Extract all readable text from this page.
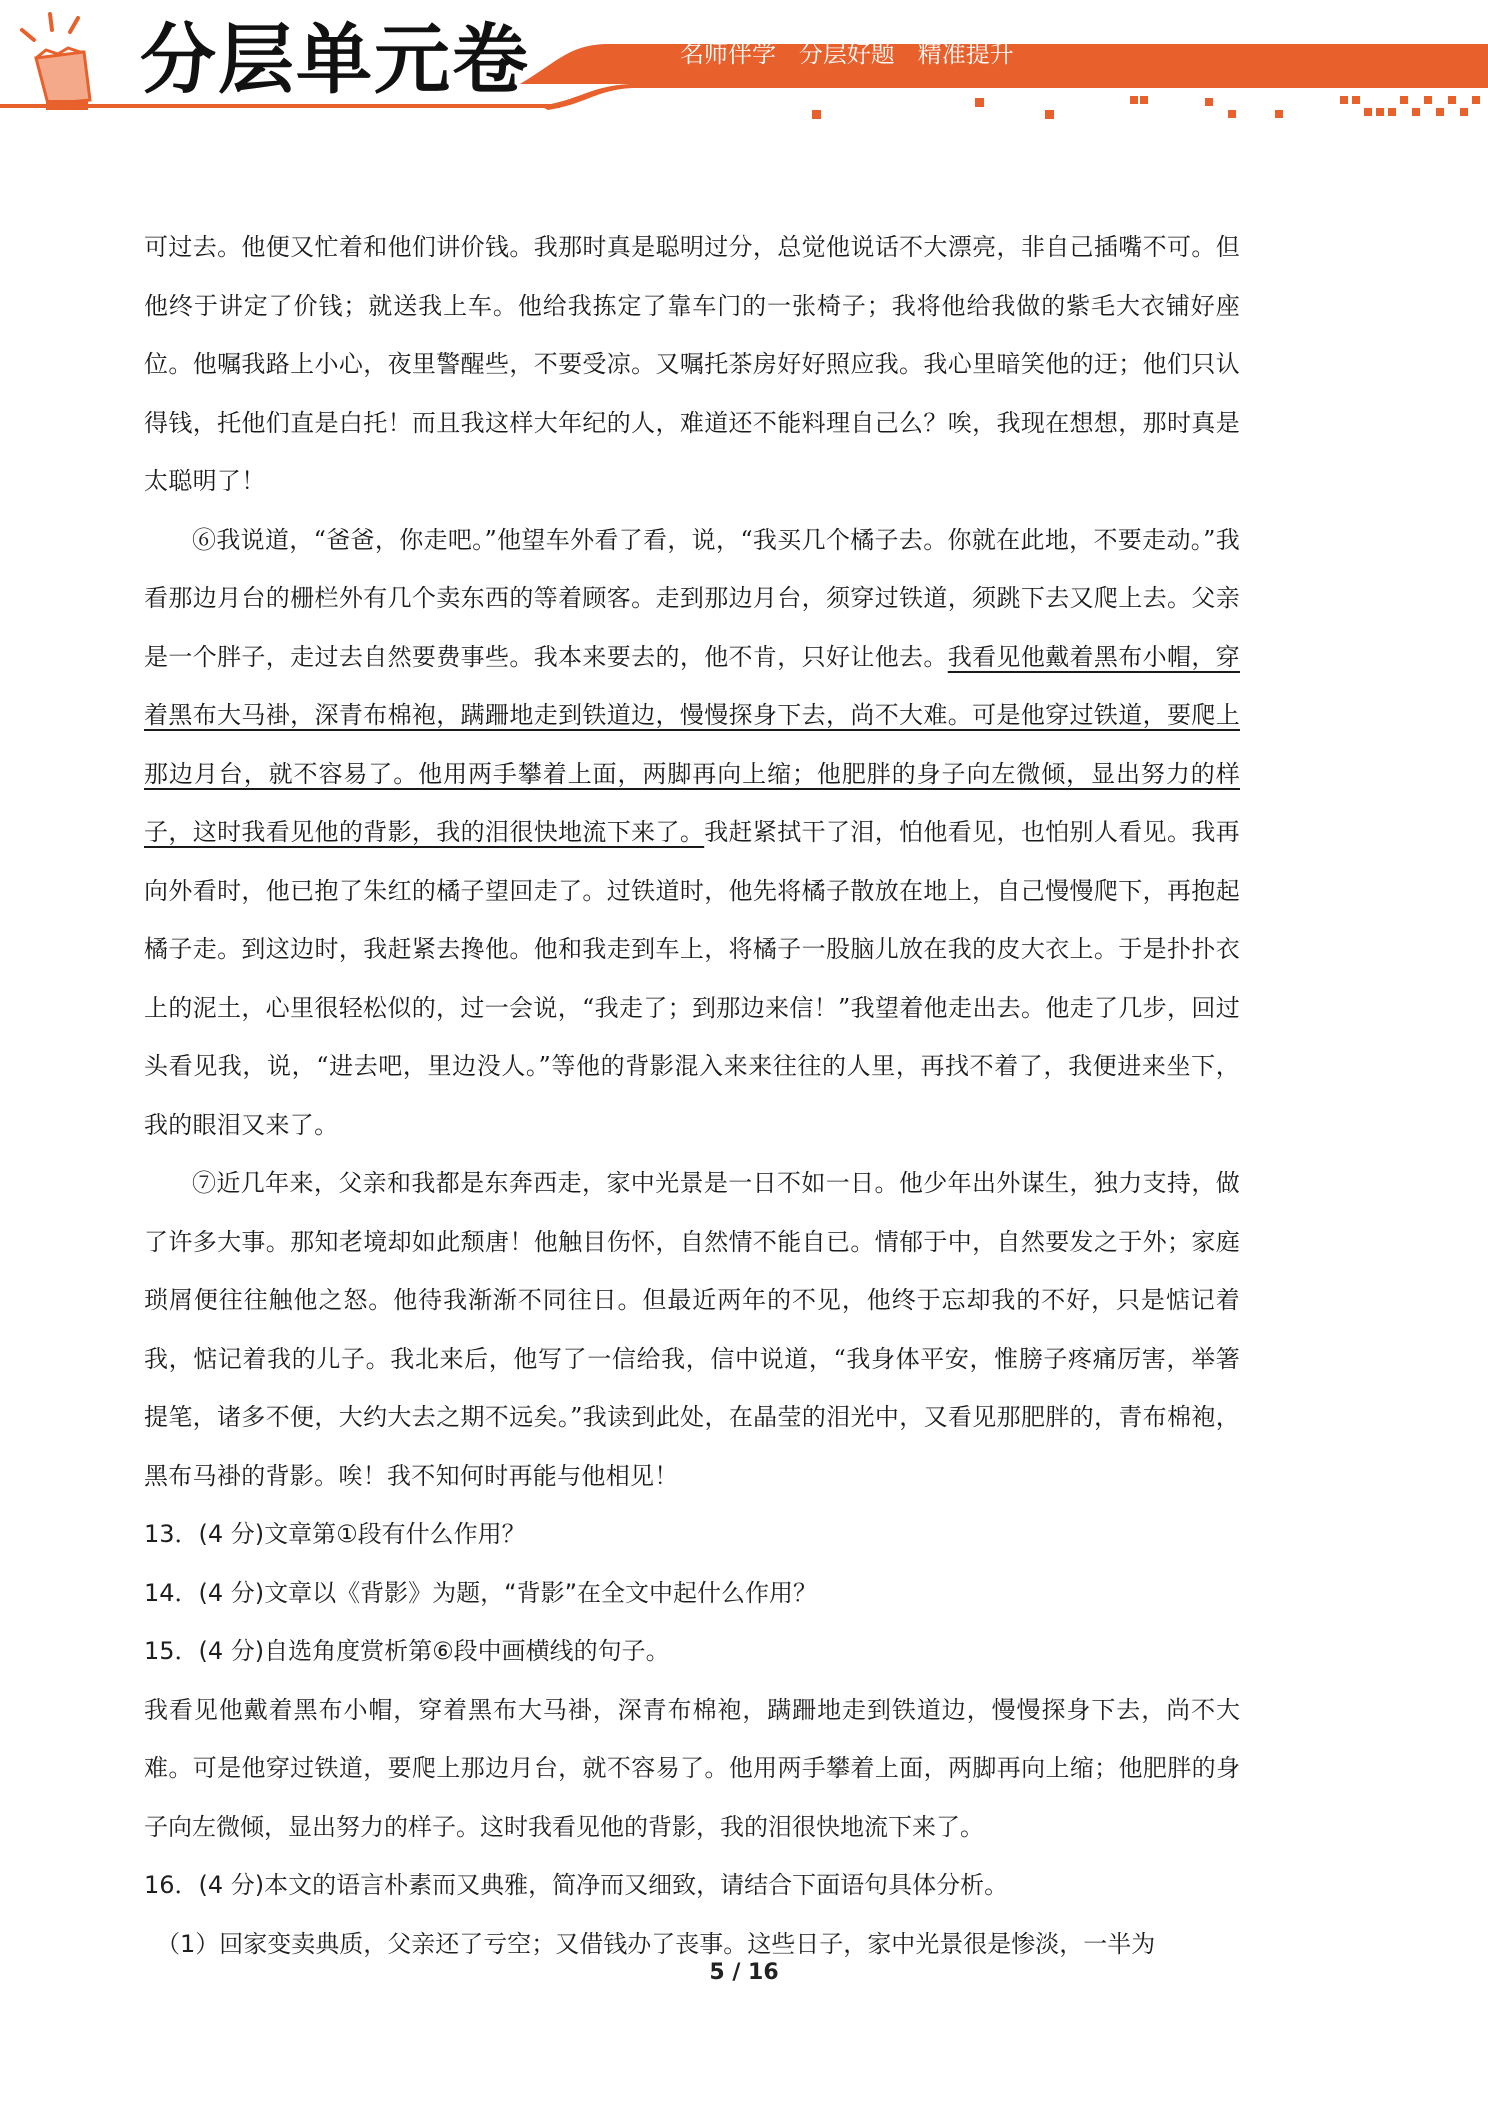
分层单元卷	名师伴学   分层好题   精准提升

可过去。他便又忙着和他们讲价钱。我那时真是聪明过分，总觉他说话不大漂亮，非自己插嘴不可。但他终于讲定了价钱；就送我上车。他给我拣定了靠车门的一张椅子；我将他给我做的紫毛大衣铺好座位。他嘱我路上小心，夜里警醒些，不要受凉。又嘱托茶房好好照应我。我心里暗笑他的迂；他们只认得钱，托他们直是白托！而且我这样大年纪的人，难道还不能料理自己么？唉，我现在想想，那时真是太聪明了！

⑥我说道，“爸爸，你走吧。”他望车外看了看，说，“我买几个橘子去。你就在此地，不要走动。”我看那边月台的栅栏外有几个卖东西的等着顾客。走到那边月台，须穿过铁道，须跳下去又爬上去。父亲是一个胖子，走过去自然要费事些。我本来要去的，他不肯，只好让他去。我看见他戴着黑布小帽，穿着黑布大马褂，深青布棉袍，蹒跚地走到铁道边，慢慢探身下去，尚不大难。可是他穿过铁道，要爬上那边月台，就不容易了。他用两手攀着上面，两脚再向上缩；他肥胖的身子向左微倾，显出努力的样子，这时我看见他的背影，我的泪很快地流下来了。我赶紧拭干了泪，怕他看见，也怕别人看见。我再向外看时，他已抱了朱红的橘子望回走了。过铁道时，他先将橘子散放在地上，自己慢慢爬下，再抱起橘子走。到这边时，我赶紧去搀他。他和我走到车上，将橘子一股脑儿放在我的皮大衣上。于是扑扑衣上的泥土，心里很轻松似的，过一会说，“我走了；到那边来信！”我望着他走出去。他走了几步，回过头看见我，说，“进去吧，里边没人。”等他的背影混入来来往往的人里，再找不着了，我便进来坐下，我的眼泪又来了。

⑦近几年来，父亲和我都是东奔西走，家中光景是一日不如一日。他少年出外谋生，独力支持，做了许多大事。那知老境却如此颓唐！他触目伤怀，自然情不能自已。情郁于中，自然要发之于外；家庭琐屑便往往触他之怒。他待我渐渐不同往日。但最近两年的不见，他终于忘却我的不好，只是惦记着我，惦记着我的儿子。我北来后，他写了一信给我，信中说道，“我身体平安，惟膀子疼痛厉害，举箸提笔，诸多不便，大约大去之期不远矣。”我读到此处，在晶莹的泪光中，又看见那肥胖的，青布棉袍，黑布马褂的背影。唉！我不知何时再能与他相见！

13．(4 分)文章第①段有什么作用？

14．(4 分)文章以《背影》为题，“背影”在全文中起什么作用？

15．(4 分)自选角度赏析第⑥段中画横线的句子。

我看见他戴着黑布小帽，穿着黑布大马褂，深青布棉袍，蹒跚地走到铁道边，慢慢探身下去，尚不大难。可是他穿过铁道，要爬上那边月台，就不容易了。他用两手攀着上面，两脚再向上缩；他肥胖的身子向左微倾，显出努力的样子。这时我看见他的背影，我的泪很快地流下来了。

16．(4 分)本文的语言朴素而又典雅，简净而又细致，请结合下面语句具体分析。

（1）回家变卖典质，父亲还了亏空；又借钱办了丧事。这些日子，家中光景很是惨淡，一半为

5 / 16
